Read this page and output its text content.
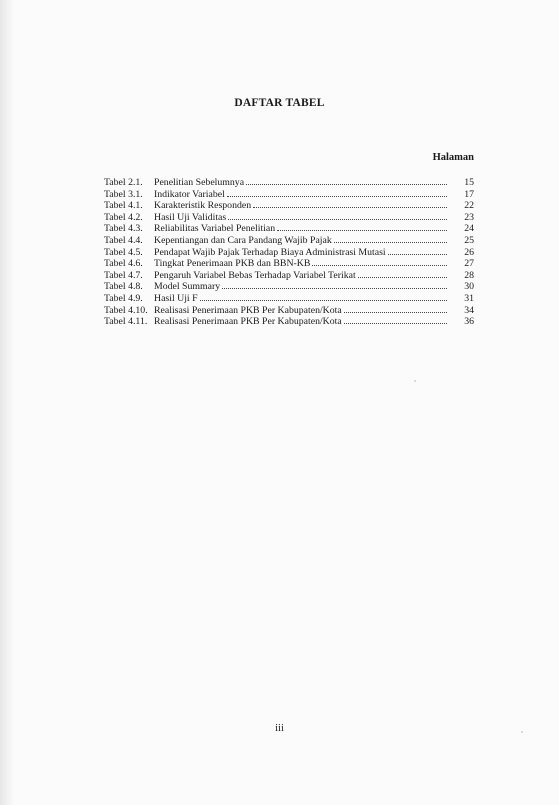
DAFTAR TABEL
Halaman
Tabel 2.1.	Penelitian Sebelumnya	15
Tabel 3.1.	Indikator Variabel	17
Tabel 4.1.	Karakteristik Responden	22
Tabel 4.2.	Hasil Uji Validitas	23
Tabel 4.3.	Reliabilitas Variabel Penelitian	24
Tabel 4.4.	Kepentiangan dan Cara Pandang Wajib Pajak	25
Tabel 4.5.	Pendapat Wajib Pajak Terhadap Biaya Administrasi Mutasi	26
Tabel 4.6.	Tingkat Penerimaan PKB dan BBN-KB	27
Tabel 4.7.	Pengaruh Variabel Bebas Terhadap Variabel Terikat	28
Tabel 4.8.	Model Summary	30
Tabel 4.9.	Hasil Uji F	31
Tabel 4.10. Realisasi Penerimaan PKB Per Kabupaten/Kota	34
Tabel 4.11. Realisasi Penerimaan PKB Per Kabupaten/Kota	36
iii
